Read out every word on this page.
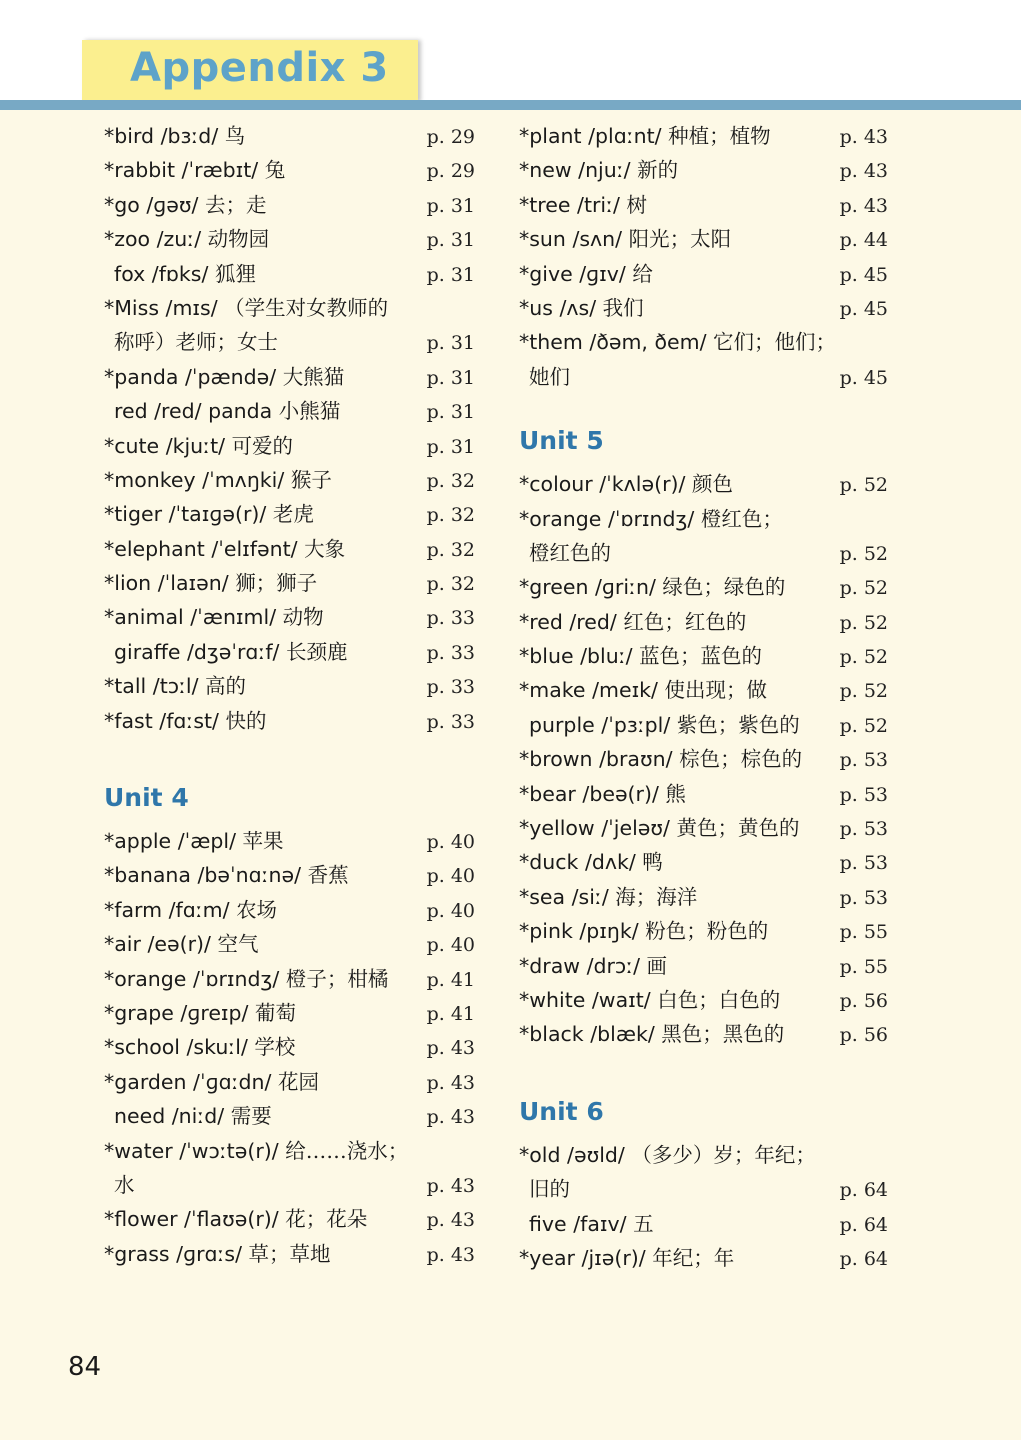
Appendix 3
*bird /bɜːd/ 鸟	p. 29
*rabbit /ˈræbɪt/ 兔	p. 29
*go /ɡəʊ/ 去；走	p. 31
*zoo /zuː/ 动物园	p. 31
fox /fɒks/ 狐狸	p. 31
*Miss /mɪs/ （学生对女教师的
称呼）老师；女士	p. 31
*panda /ˈpændə/ 大熊猫	p. 31
red /red/ panda 小熊猫	p. 31
*cute /kjuːt/ 可爱的	p. 31
*monkey /ˈmʌŋki/ 猴子	p. 32
*tiger /ˈtaɪɡə(r)/ 老虎	p. 32
*elephant /ˈelɪfənt/ 大象	p. 32
*lion /ˈlaɪən/ 狮；狮子	p. 32
*animal /ˈænɪml/ 动物	p. 33
giraffe /dʒəˈrɑːf/ 长颈鹿	p. 33
*tall /tɔːl/ 高的	p. 33
*fast /fɑːst/ 快的	p. 33
Unit 4
*apple /ˈæpl/ 苹果	p. 40
*banana /bəˈnɑːnə/ 香蕉	p. 40
*farm /fɑːm/ 农场	p. 40
*air /eə(r)/ 空气	p. 40
*orange /ˈɒrɪndʒ/ 橙子；柑橘 p. 41
*grape /ɡreɪp/ 葡萄	p. 41
*school /skuːl/ 学校	p. 43
*garden /ˈɡɑːdn/ 花园	p. 43
need /niːd/ 需要	p. 43
*water /ˈwɔːtə(r)/ 给……浇水；
水	p. 43
*flower /ˈflaʊə(r)/ 花；花朵	p. 43
*grass /ɡrɑːs/ 草；草地	p. 43
*plant /plɑːnt/ 种植；植物	p. 43
*new /njuː/ 新的	p. 43
*tree /triː/ 树	p. 43
*sun /sʌn/ 阳光；太阳	p. 44
*give /ɡɪv/ 给	p. 45
*us /ʌs/ 我们	p. 45
*them /ðəm, ðem/ 它们；他们；
她们	p. 45
Unit 5
*colour /ˈkʌlə(r)/ 颜色	p. 52
*orange /ˈɒrɪndʒ/ 橙红色；
橙红色的	p. 52
*green /ɡriːn/ 绿色；绿色的	p. 52
*red /red/ 红色；红色的	p. 52
*blue /bluː/ 蓝色；蓝色的	p. 52
*make /meɪk/ 使出现；做	p. 52
purple /ˈpɜːpl/ 紫色；紫色的 p. 52
*brown /braʊn/ 棕色；棕色的 p. 53
*bear /beə(r)/ 熊	p. 53
*yellow /ˈjeləʊ/ 黄色；黄色的 p. 53
*duck /dʌk/ 鸭	p. 53
*sea /siː/ 海；海洋	p. 53
*pink /pɪŋk/ 粉色；粉色的	p. 55
*draw /drɔː/ 画	p. 55
*white /waɪt/ 白色；白色的	p. 56
*black /blæk/ 黑色；黑色的	p. 56
Unit 6
*old /əʊld/ （多少）岁；年纪；
旧的	p. 64
five /faɪv/ 五	p. 64
*year /jɪə(r)/ 年纪；年	p. 64
84
